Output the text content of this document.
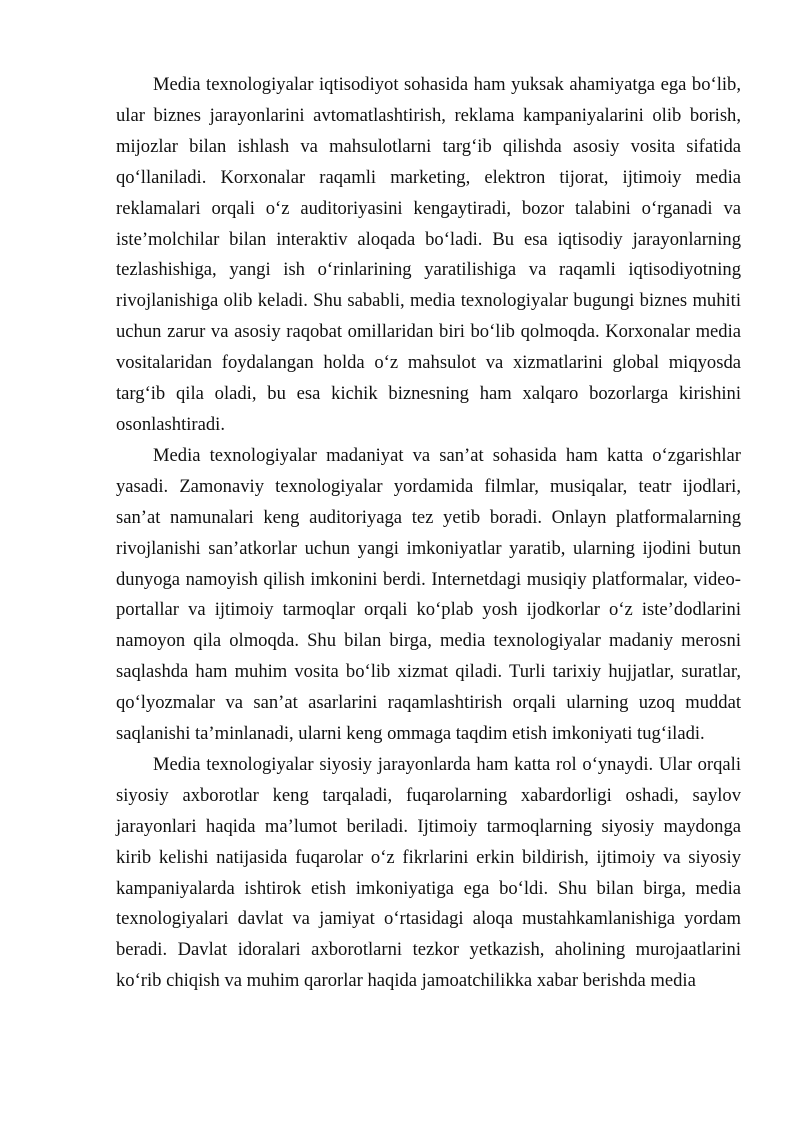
Media texnologiyalar iqtisodiyot sohasida ham yuksak ahamiyatga ega bo‘lib, ular biznes jarayonlarini avtomatlashtirish, reklama kampaniyalarini olib borish, mijozlar bilan ishlash va mahsulotlarni targ‘ib qilishda asosiy vosita sifatida qo‘llaniladi. Korxonalar raqamli marketing, elektron tijorat, ijtimoiy media reklamalari orqali o‘z auditoriyasini kengaytiradi, bozor talabini o‘rganadi va iste’molchilar bilan interaktiv aloqada bo‘ladi. Bu esa iqtisodiy jarayonlarning tezlashishiga, yangi ish o‘rinlarining yaratilishiga va raqamli iqtisodiyotning rivojlanishiga olib keladi. Shu sababli, media texnologiyalar bugungi biznes muhiti uchun zarur va asosiy raqobat omillaridan biri bo‘lib qolmoqda. Korxonalar media vositalaridan foydalangan holda o‘z mahsulot va xizmatlarini global miqyosda targ‘ib qila oladi, bu esa kichik biznesning ham xalqaro bozorlarga kirishini osonlashtiradi.

Media texnologiyalar madaniyat va san’at sohasida ham katta o‘zgarishlar yasadi. Zamonaviy texnologiyalar yordamida filmlar, musiqalar, teatr ijodlari, san’at namunalari keng auditoriyaga tez yetib boradi. Onlayn platformalarning rivojlanishi san’atkorlar uchun yangi imkoniyatlar yaratib, ularning ijodini butun dunyoga namoyish qilish imkonini berdi. Internetdagi musiqiy platformalar, video-portallar va ijtimoiy tarmoqlar orqali ko‘plab yosh ijodkorlar o‘z iste’dodlarini namoyon qila olmoqda. Shu bilan birga, media texnologiyalar madaniy merosni saqlashda ham muhim vosita bo‘lib xizmat qiladi. Turli tarixiy hujjatlar, suratlar, qo‘lyozmalar va san’at asarlarini raqamlashtirish orqali ularning uzoq muddat saqlanishi ta’minlanadi, ularni keng ommaga taqdim etish imkoniyati tug‘iladi.

Media texnologiyalar siyosiy jarayonlarda ham katta rol o‘ynaydi. Ular orqali siyosiy axborotlar keng tarqaladi, fuqarolarning xabardorligi oshadi, saylov jarayonlari haqida ma’lumot beriladi. Ijtimoiy tarmoqlarning siyosiy maydonga kirib kelishi natijasida fuqarolar o‘z fikrlarini erkin bildirish, ijtimoiy va siyosiy kampaniyalarda ishtirok etish imkoniyatiga ega bo‘ldi. Shu bilan birga, media texnologiyalari davlat va jamiyat o‘rtasidagi aloqa mustahkamlanishiga yordam beradi. Davlat idoralari axborotlarni tezkor yetkazish, aholining murojaatlarini ko‘rib chiqish va muhim qarorlar haqida jamoatchilikka xabar berishda media
